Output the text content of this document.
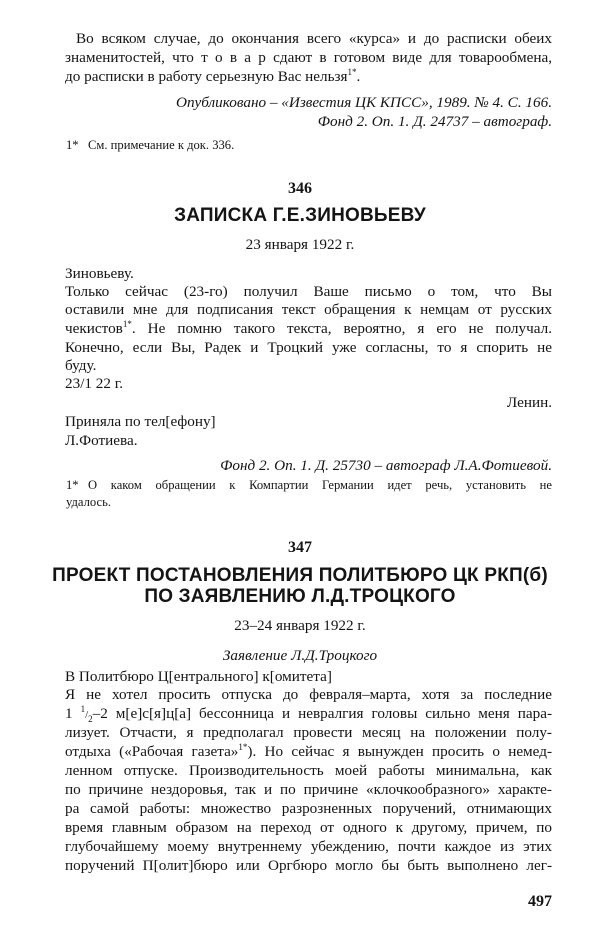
Во всяком случае, до окончания всего «курса» и до расписки обеих
знаменитостей, что т о в а р сдают в готовом виде для товарообмена,
до расписки в работу серьезную Вас нельзя$^{1*}$.
Опубликовано – «Известия ЦК КПСС», 1989. № 4. С. 166.
Фонд 2. Оп. 1. Д. 24737 – автограф.
1* См. примечание к док. 336.
346
ЗАПИСКА Г.Е.ЗИНОВЬЕВУ
23 января 1922 г.
Зиновьеву.
Только сейчас (23-го) получил Ваше письмо о том, что Вы
оставили мне для подписания текст обращения к немцам от русских
чекистов$^{1*}$. Не помню такого текста, вероятно, я его не получал.
Конечно, если Вы, Радек и Троцкий уже согласны, то я спорить не
буду.
23/1 22 г.
Ленин.
Приняла по тел[ефону]
Л.Фотиева.
Фонд 2. Оп. 1. Д. 25730 – автограф Л.А.Фотиевой.
1* О каком обращении к Компартии Германии идет речь, установить не
удалось.
347
ПРОЕКТ ПОСТАНОВЛЕНИЯ ПОЛИТБЮРО ЦК РКП(б)
ПО ЗАЯВЛЕНИЮ Л.Д.ТРОЦКОГО
23–24 января 1922 г.
Заявление Л.Д.Троцкого
В Политбюро Ц[ентрального] к[омитета]
Я не хотел просить отпуска до февраля–марта, хотя за последние
1 $^1/_2-2$ м[е]с[я]ц[а] бессонница и невралгия головы сильно меня пара-
лизует. Отчасти, я предполагал провести месяц на положении полу-
отдыха («Рабочая газета»$^{1*}$). Но сейчас я вынужден просить о немед-
ленном отпуске. Производительность моей работы минимальна, как
по причине нездоровья, так и по причине «клочкообразного» характе-
ра самой работы: множество разрозненных поручений, отнимающих
время главным образом на переход от одного к другому, причем, по
глубочайшему моему внутреннему убеждению, почти каждое из этих
поручений П[олит]бюро или Оргбюро могло бы быть выполнено лег-
497
